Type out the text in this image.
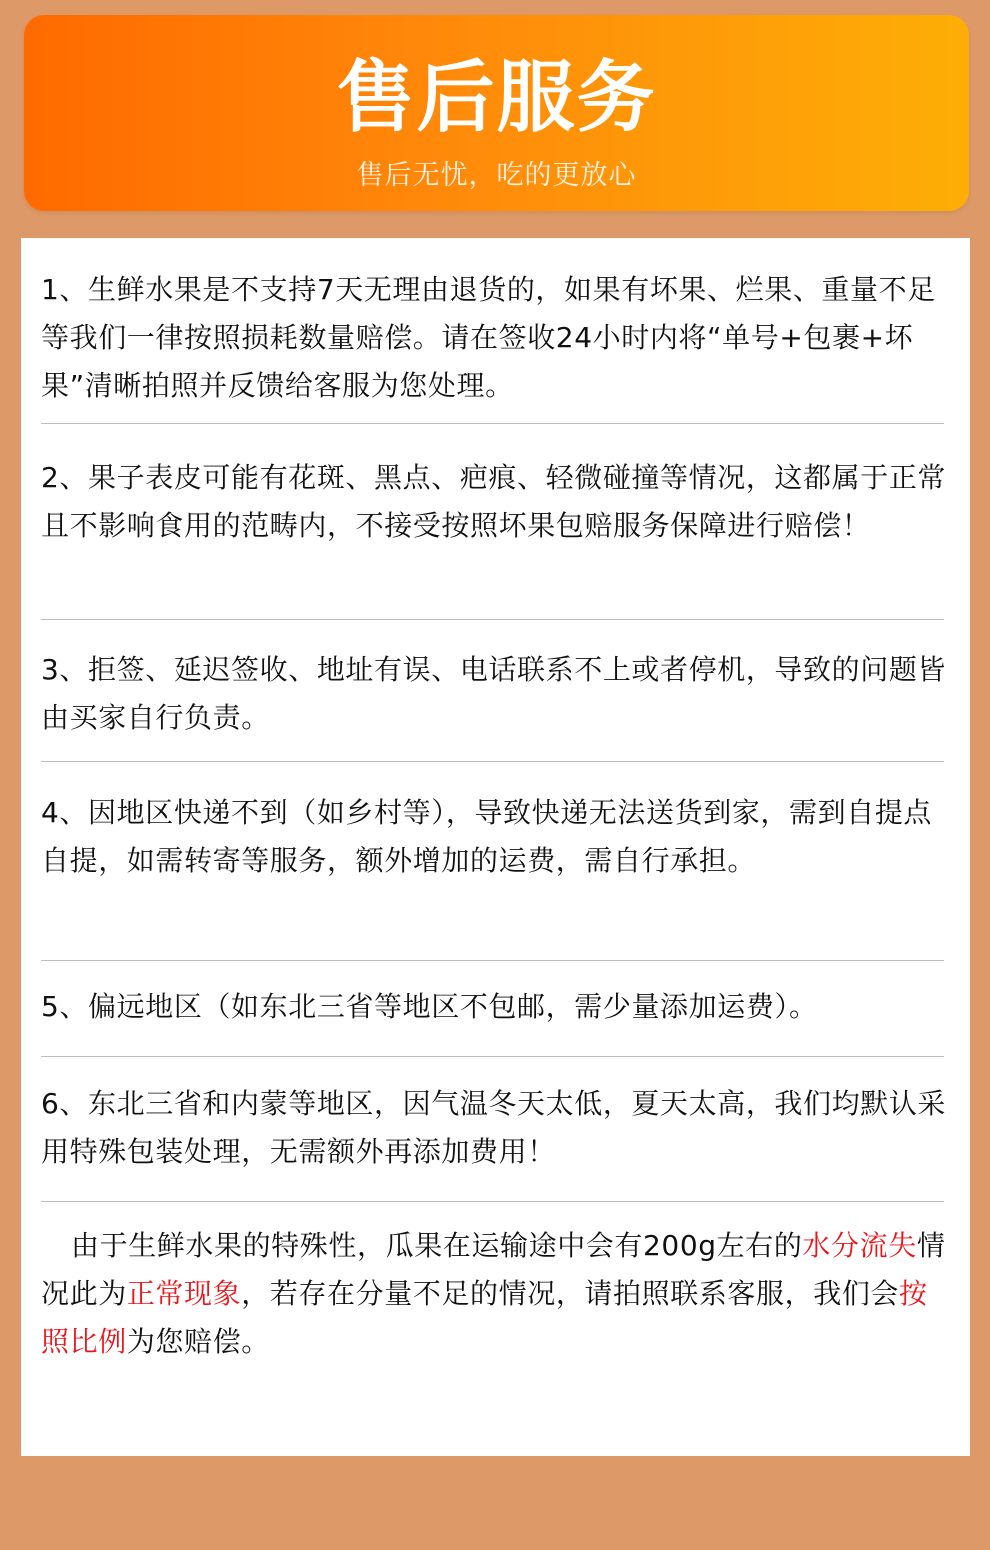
售后服务
售后无忧，吃的更放心

1、生鲜水果是不支持7天无理由退货的，如果有坏果、烂果、重量不足等我们一律按照损耗数量赔偿。请在签收24小时内将“单号+包裹+坏果”清晰拍照并反馈给客服为您处理。

2、果子表皮可能有花斑、黑点、疤痕、轻微碰撞等情况，这都属于正常且不影响食用的范畴内，不接受按照坏果包赔服务保障进行赔偿！

3、拒签、延迟签收、地址有误、电话联系不上或者停机，导致的问题皆由买家自行负责。

4、因地区快递不到（如乡村等），导致快递无法送货到家，需到自提点自提，如需转寄等服务，额外增加的运费，需自行承担。

5、偏远地区（如东北三省等地区不包邮，需少量添加运费）。

6、东北三省和内蒙等地区，因气温冬天太低，夏天太高，我们均默认采用特殊包装处理，无需额外再添加费用！

由于生鲜水果的特殊性，瓜果在运输途中会有200g左右的水分流失情况此为正常现象，若存在分量不足的情况，请拍照联系客服，我们会按照比例为您赔偿。
